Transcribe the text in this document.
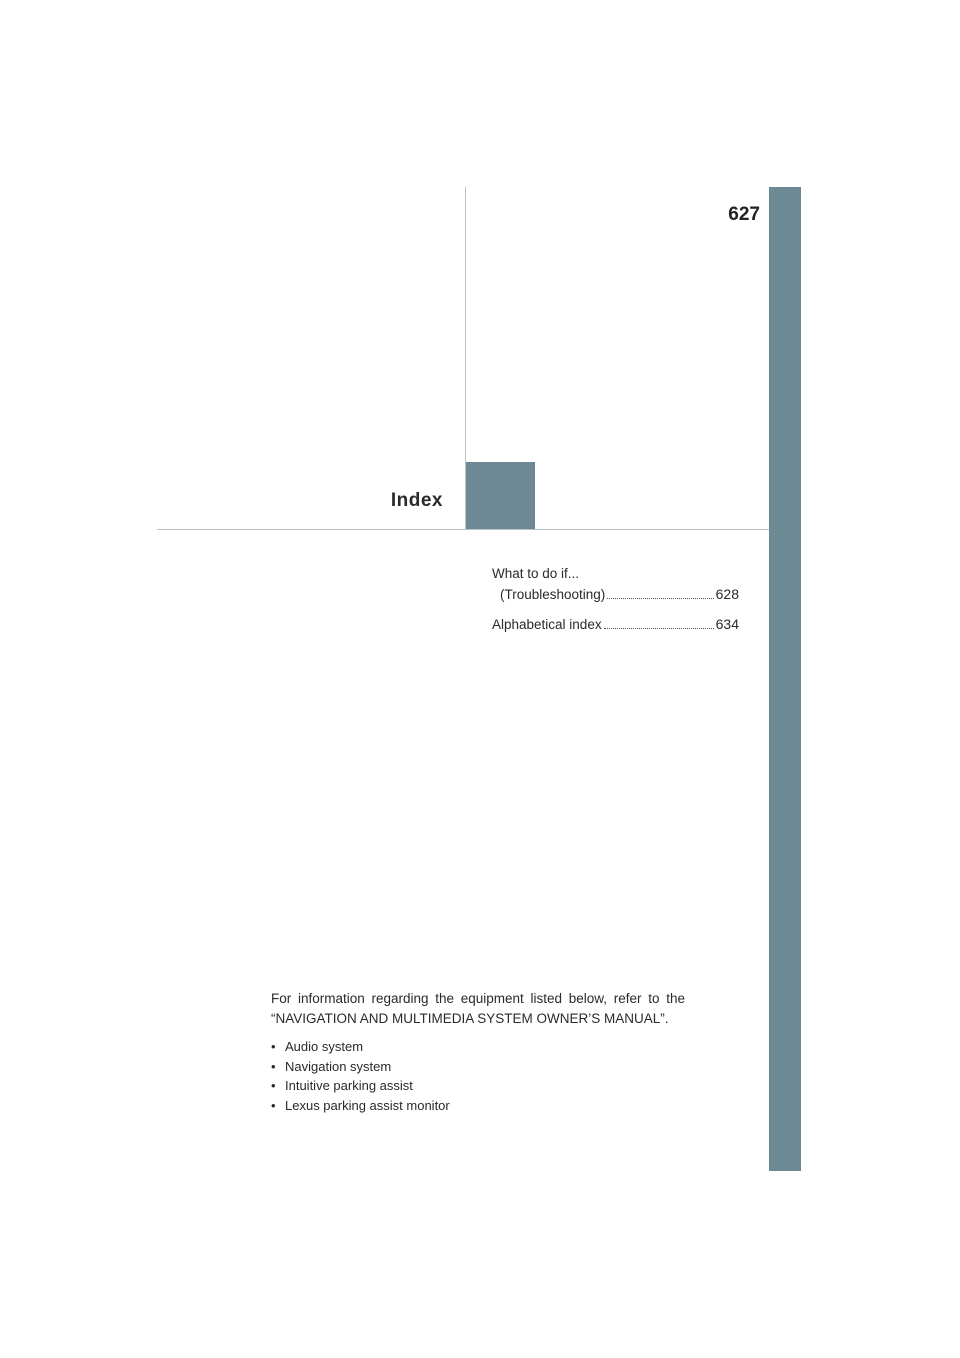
627
Index
What to do if...
(Troubleshooting)	628
Alphabetical index	634

For information regarding the equipment listed below, refer to the “NAVIGATION AND MULTIMEDIA SYSTEM OWNER’S MANUAL”.

• Audio system
• Navigation system
• Intuitive parking assist
• Lexus parking assist monitor
